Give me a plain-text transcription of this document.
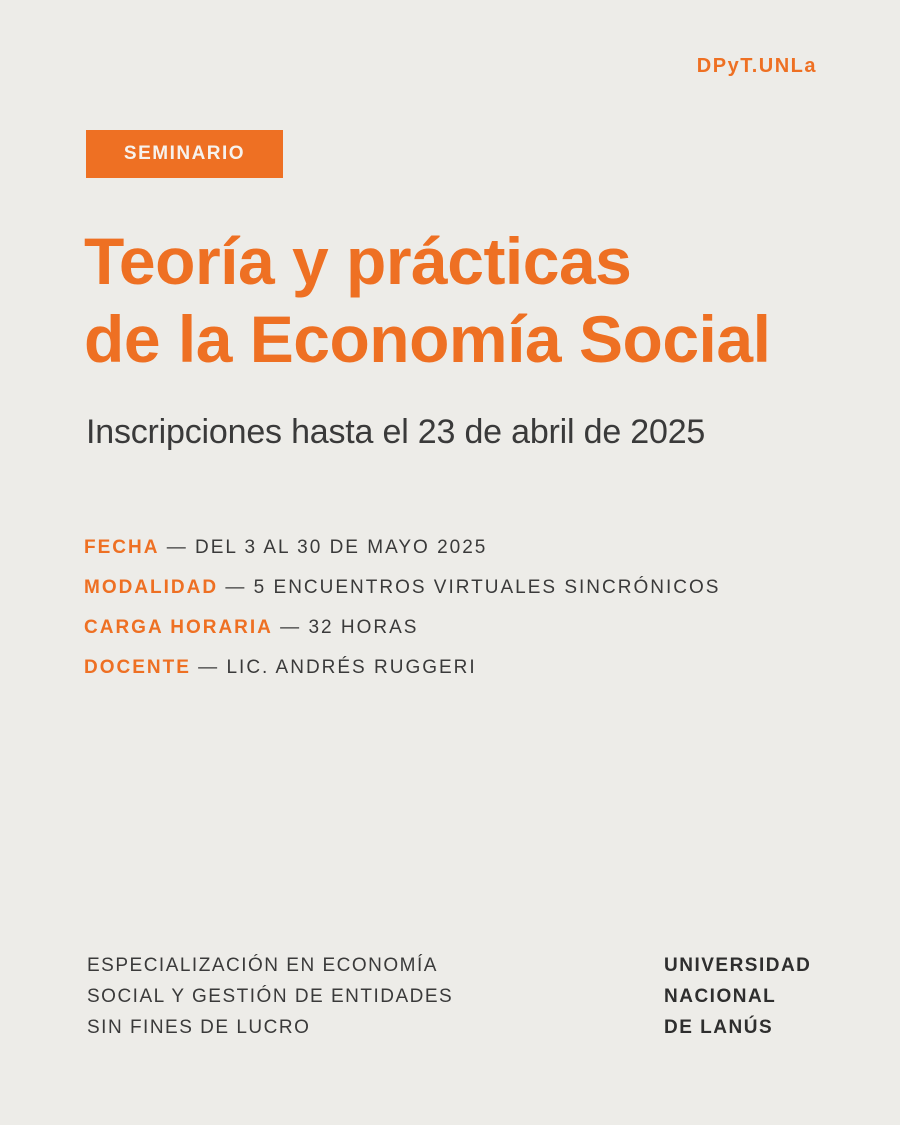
DPyT.UNLa
SEMINARIO
Teoría y prácticas
de la Economía Social

Inscripciones hasta el 23 de abril de 2025

FECHA — DEL 3 AL 30 DE MAYO 2025
MODALIDAD — 5 ENCUENTROS VIRTUALES SINCRÓNICOS
CARGA HORARIA — 32 HORAS
DOCENTE — LIC. ANDRÉS RUGGERI

ESPECIALIZACIÓN EN ECONOMÍA
SOCIAL Y GESTIÓN DE ENTIDADES
SIN FINES DE LUCRO

UNIVERSIDAD
NACIONAL
DE LANÚS
